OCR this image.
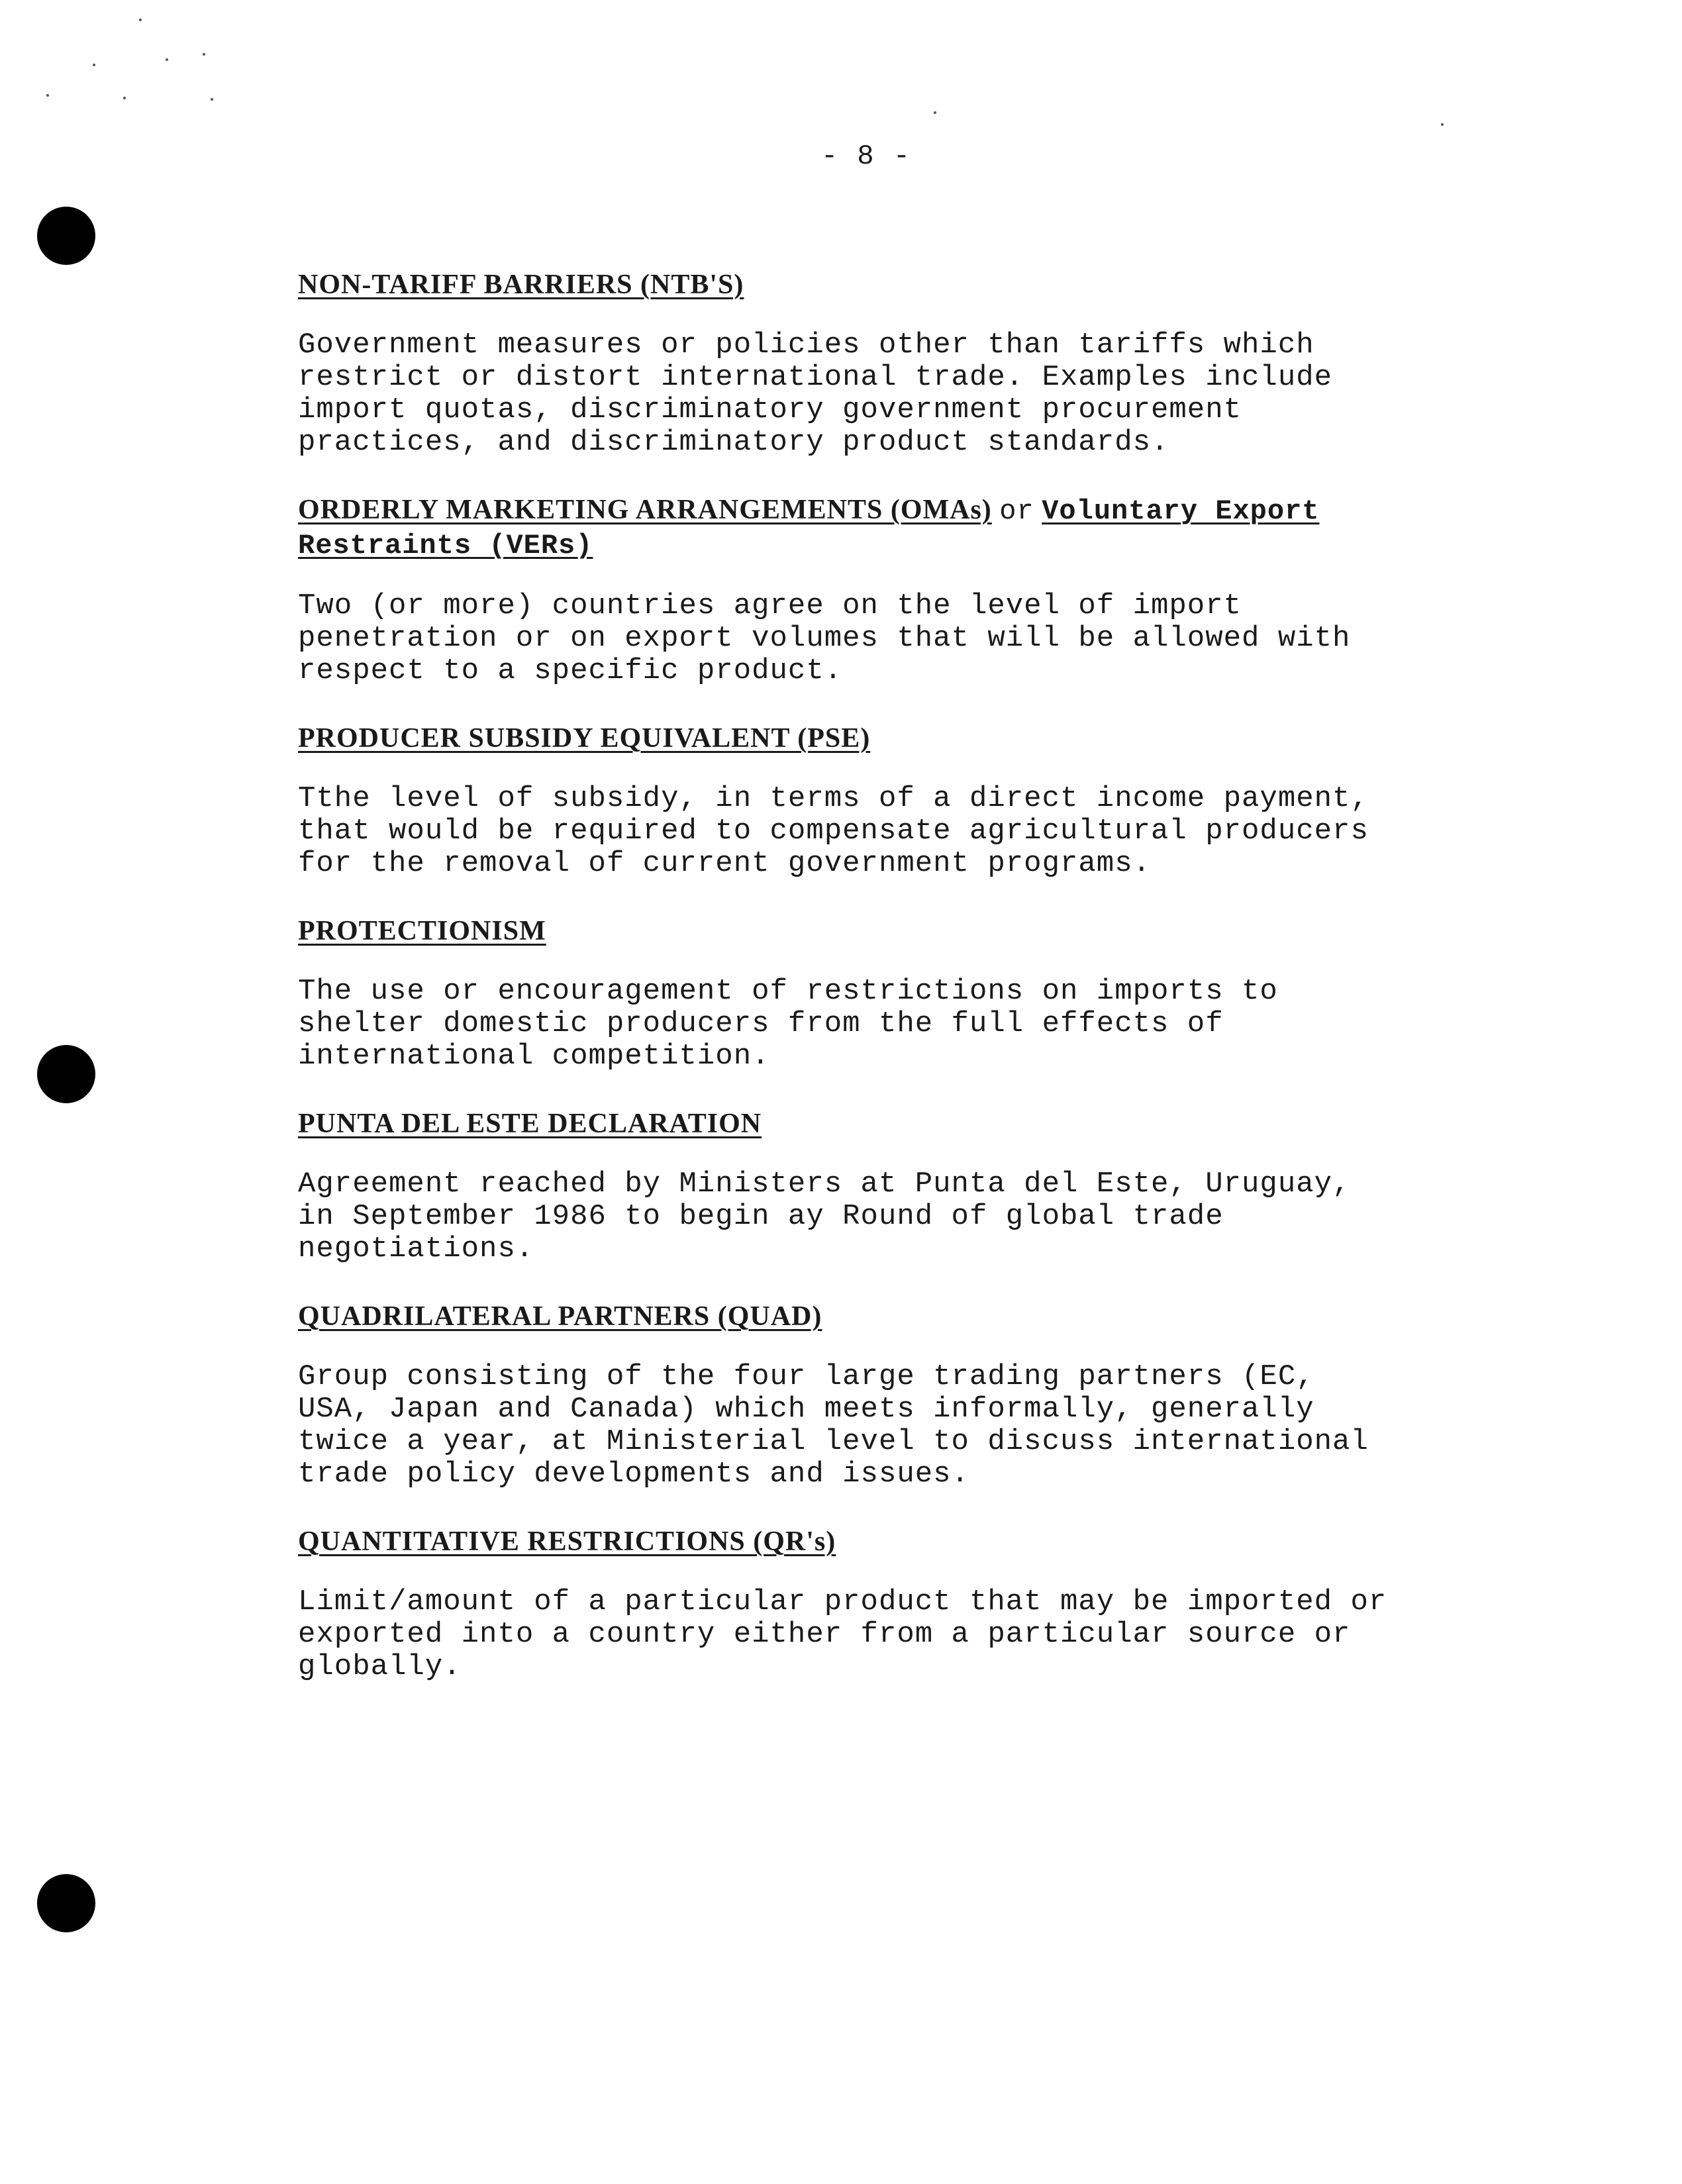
- 8 -
NON-TARIFF BARRIERS (NTB'S)
Government measures or policies other than tariffs which
restrict or distort international trade. Examples include
import quotas, discriminatory government procurement
practices, and discriminatory product standards.
ORDERLY MARKETING ARRANGEMENTS (OMAs) or Voluntary Export
Restraints (VERs)
Two (or more) countries agree on the level of import
penetration or on export volumes that will be allowed with
respect to a specific product.
PRODUCER SUBSIDY EQUIVALENT (PSE)
Tthe level of subsidy, in terms of a direct income payment,
that would be required to compensate agricultural producers
for the removal of current government programs.
PROTECTIONISM
The use or encouragement of restrictions on imports to
shelter domestic producers from the full effects of
international competition.
PUNTA DEL ESTE DECLARATION
Agreement reached by Ministers at Punta del Este, Uruguay,
in September 1986 to begin ay Round of global trade
negotiations.
QUADRILATERAL PARTNERS (QUAD)
Group consisting of the four large trading partners (EC,
USA, Japan and Canada) which meets informally, generally
twice a year, at Ministerial level to discuss international
trade policy developments and issues.
QUANTITATIVE RESTRICTIONS (QR's)
Limit/amount of a particular product that may be imported or
exported into a country either from a particular source or
globally.
